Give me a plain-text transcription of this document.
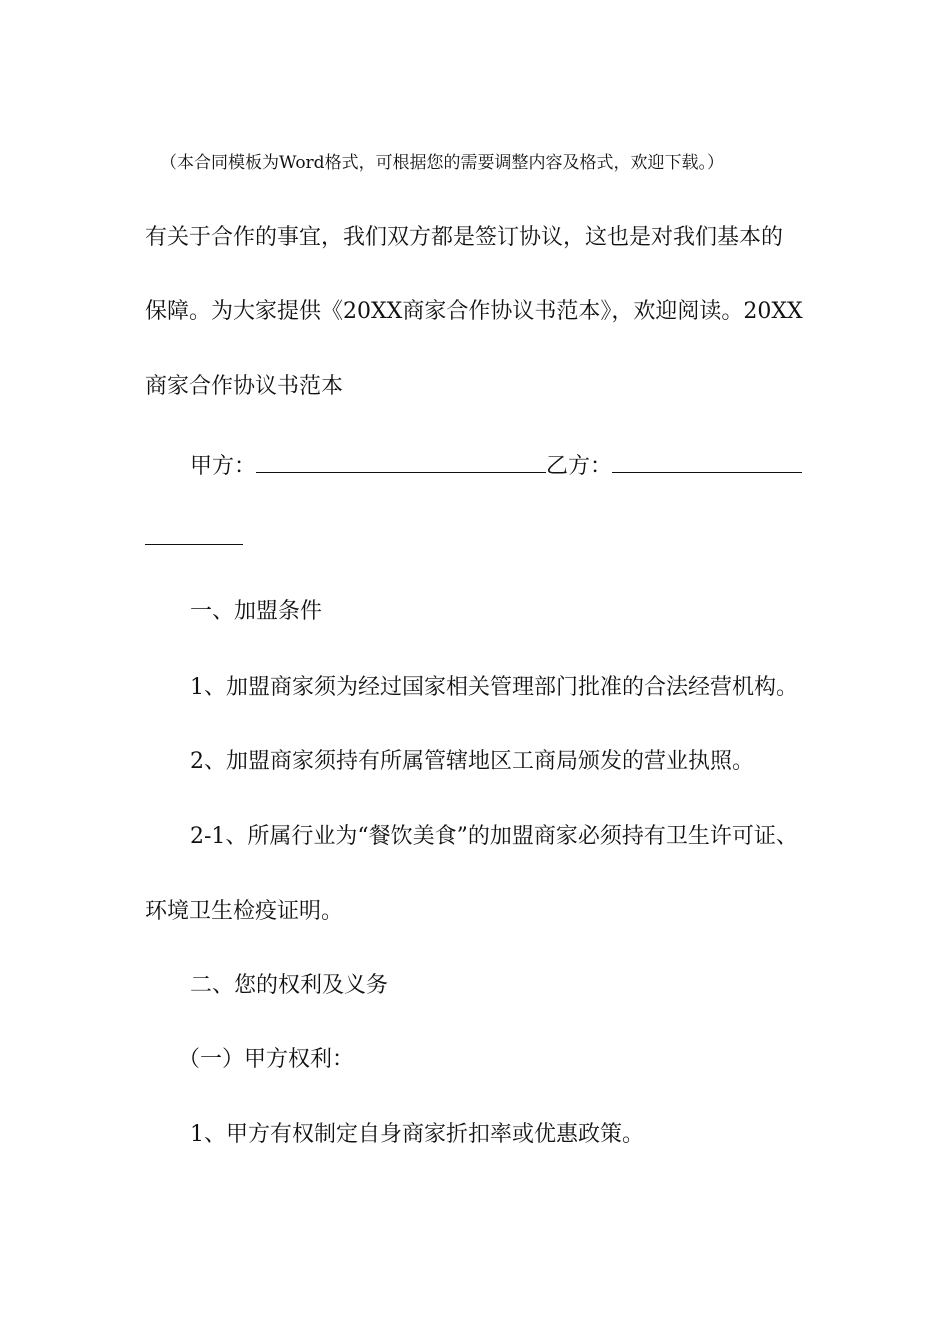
（本合同模板为Word格式，可根据您的需要调整内容及格式，欢迎下载。）
有关于合作的事宜，我们双方都是签订协议，这也是对我们基本的
保障。为大家提供《20XX商家合作协议书范本》，欢迎阅读。20XX
商家合作协议书范本
甲方：	乙方：
一、加盟条件
1、加盟商家须为经过国家相关管理部门批准的合法经营机构。
2、加盟商家须持有所属管辖地区工商局颁发的营业执照。
2-1、所属行业为“餐饮美食”的加盟商家必须持有卫生许可证、
环境卫生检疫证明。
二、您的权利及义务
（一）甲方权利：
1、甲方有权制定自身商家折扣率或优惠政策。
